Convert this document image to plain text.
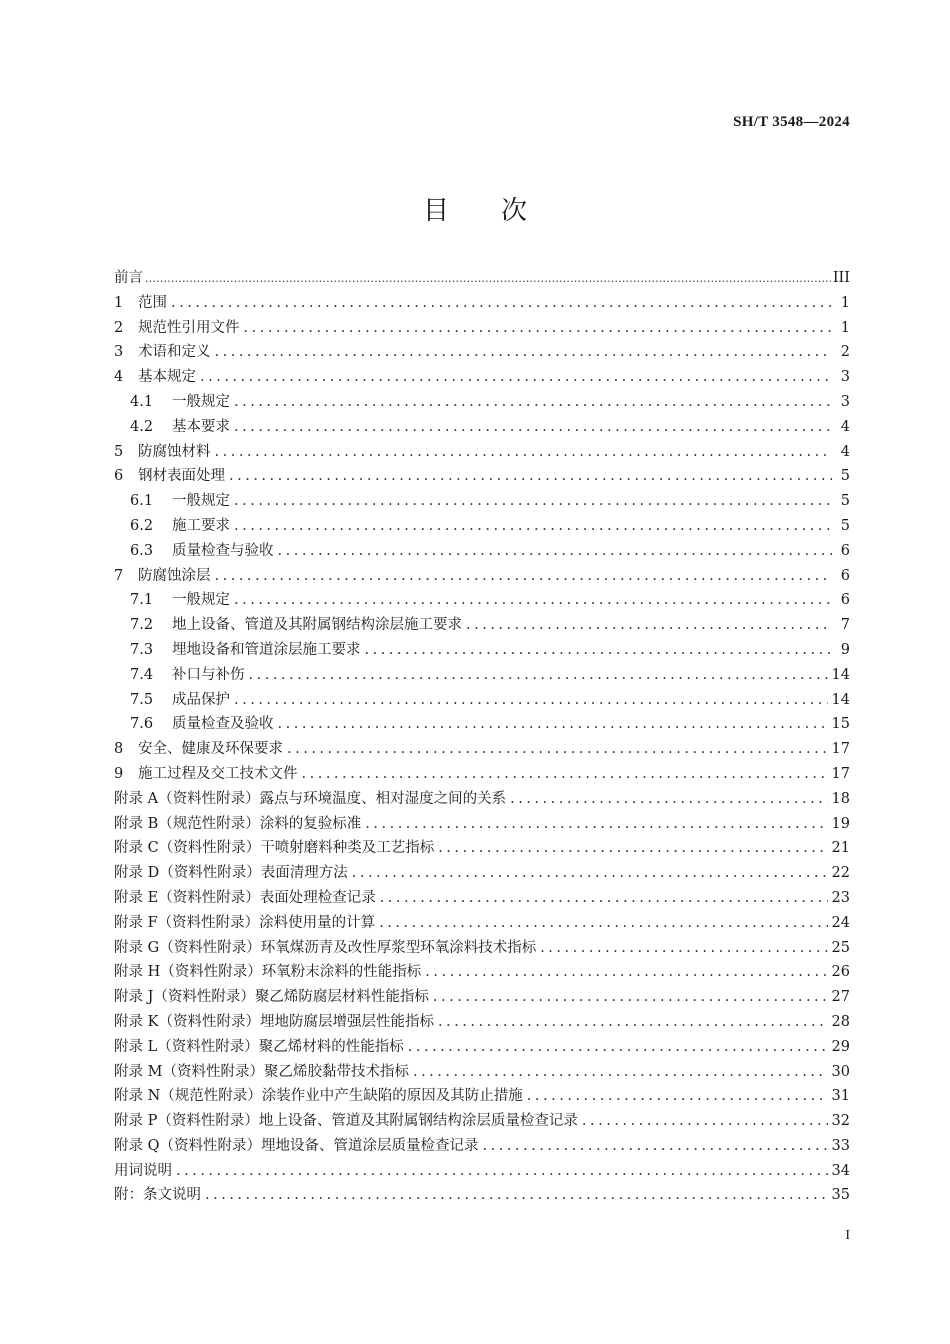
SH/T 3548—2024
目次
前言 .....	III
1	范围 .....	1
2	规范性引用文件 .....	1
3	术语和定义 .....	2
4	基本规定 .....	3
4.1	一般规定 .....	3
4.2	基本要求 .....	4
5	防腐蚀材料 .....	4
6	钢材表面处理 .....	5
6.1	一般规定 .....	5
6.2	施工要求 .....	5
6.3	质量检查与验收 .....	6
7	防腐蚀涂层 .....	6
7.1	一般规定 .....	6
7.2	地上设备、管道及其附属钢结构涂层施工要求 .....	7
7.3	埋地设备和管道涂层施工要求 .....	9
7.4	补口与补伤 .....	14
7.5	成品保护 .....	14
7.6	质量检查及验收 .....	15
8	安全、健康及环保要求 .....	17
9	施工过程及交工技术文件 .....	17
附录 A（资料性附录）露点与环境温度、相对湿度之间的关系 .....	18
附录 B（规范性附录）涂料的复验标准 .....	19
附录 C（资料性附录）干喷射磨料种类及工艺指标 .....	21
附录 D（资料性附录）表面清理方法 .....	22
附录 E（资料性附录）表面处理检查记录 .....	23
附录 F（资料性附录）涂料使用量的计算 .....	24
附录 G（资料性附录）环氧煤沥青及改性厚浆型环氧涂料技术指标 .....	25
附录 H（资料性附录）环氧粉末涂料的性能指标 .....	26
附录 J（资料性附录）聚乙烯防腐层材料性能指标 .....	27
附录 K（资料性附录）埋地防腐层增强层性能指标 .....	28
附录 L（资料性附录）聚乙烯材料的性能指标 .....	29
附录 M（资料性附录）聚乙烯胶黏带技术指标 .....	30
附录 N（规范性附录）涂装作业中产生缺陷的原因及其防止措施 .....	31
附录 P（资料性附录）地上设备、管道及其附属钢结构涂层质量检查记录 .....	32
附录 Q（资料性附录）埋地设备、管道涂层质量检查记录 .....	33
用词说明 .....	34
附：条文说明 .....	35
I
